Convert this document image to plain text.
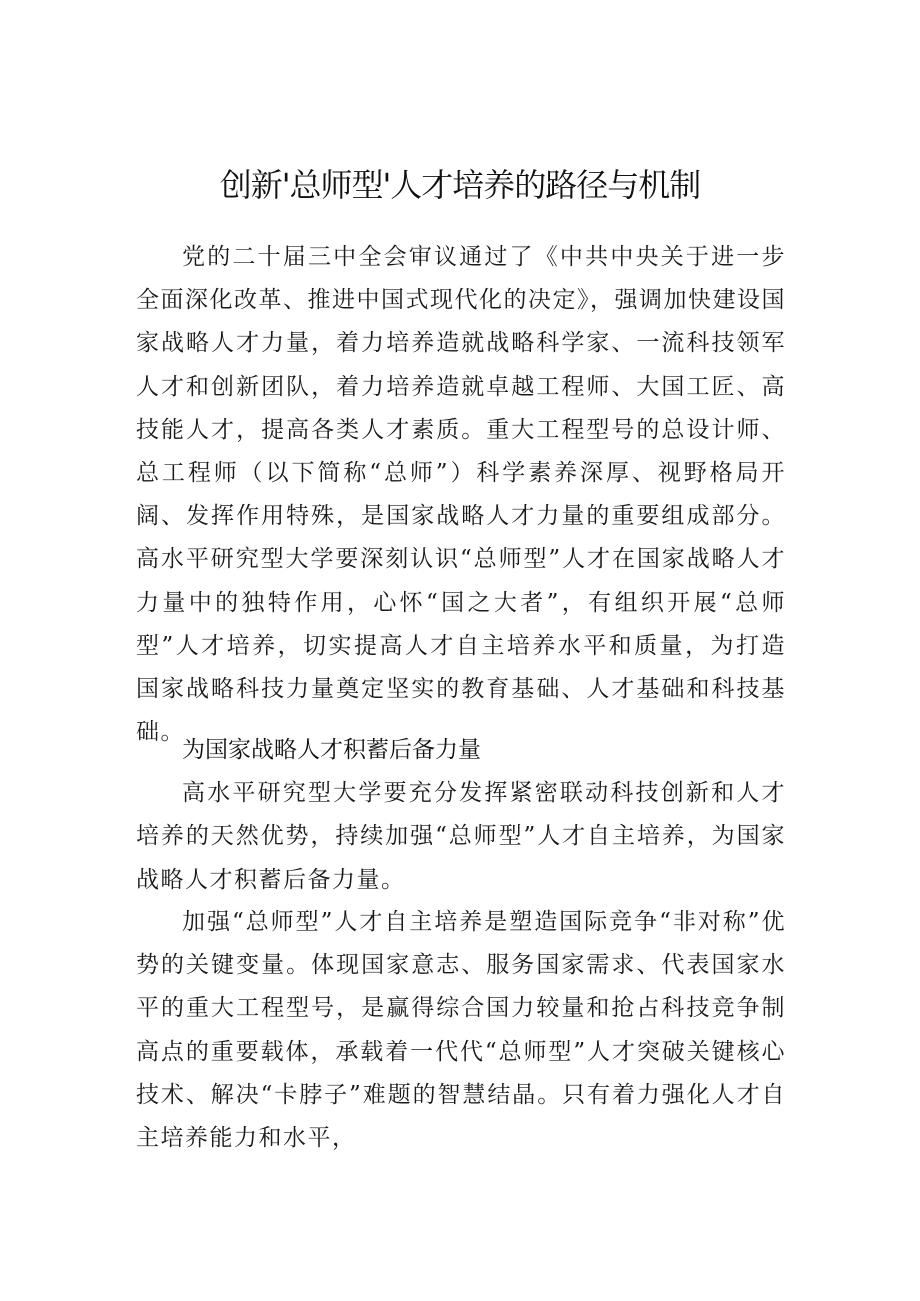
创新'总师型'人才培养的路径与机制

党的二十届三中全会审议通过了《中共中央关于进一步全面深化改革、推进中国式现代化的决定》，强调加快建设国家战略人才力量，着力培养造就战略科学家、一流科技领军人才和创新团队，着力培养造就卓越工程师、大国工匠、高技能人才，提高各类人才素质。重大工程型号的总设计师、总工程师（以下简称“总师”）科学素养深厚、视野格局开阔、发挥作用特殊，是国家战略人才力量的重要组成部分。高水平研究型大学要深刻认识“总师型”人才在国家战略人才力量中的独特作用，心怀“国之大者”，有组织开展“总师型”人才培养，切实提高人才自主培养水平和质量，为打造国家战略科技力量奠定坚实的教育基础、人才基础和科技基础。

为国家战略人才积蓄后备力量

高水平研究型大学要充分发挥紧密联动科技创新和人才培养的天然优势，持续加强“总师型”人才自主培养，为国家战略人才积蓄后备力量。

加强“总师型”人才自主培养是塑造国际竞争“非对称”优势的关键变量。体现国家意志、服务国家需求、代表国家水平的重大工程型号，是赢得综合国力较量和抢占科技竞争制高点的重要载体，承载着一代代“总师型”人才突破关键核心技术、解决“卡脖子”难题的智慧结晶。只有着力强化人才自主培养能力和水平，
